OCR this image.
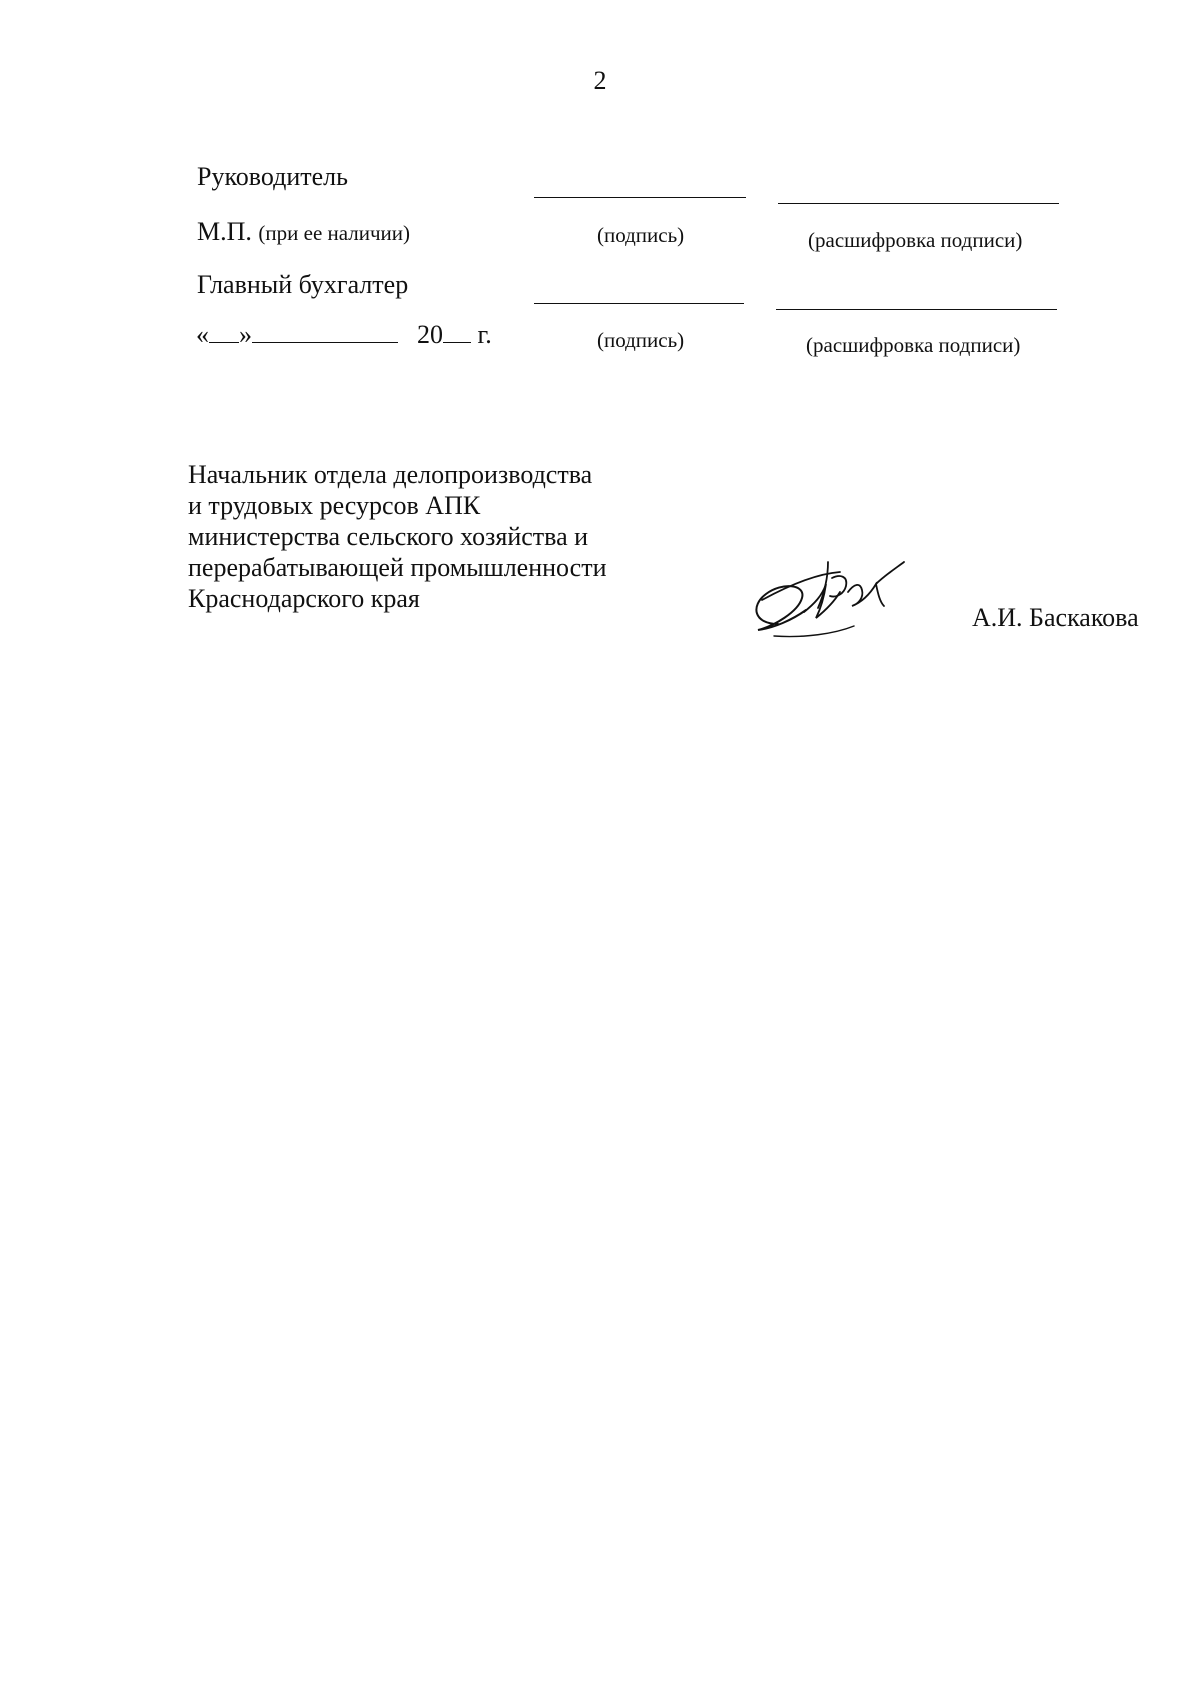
2
Руководитель
М.П. (при ее наличии)	(подпись)	(расшифровка подписи)
Главный бухгалтер
« »	20 г.	(подпись)	(расшифровка подписи)
Начальник отдела делопроизводства
и трудовых ресурсов АПК
министерства сельского хозяйства и
перерабатывающей промышленности
Краснодарского края
А.И. Баскакова
